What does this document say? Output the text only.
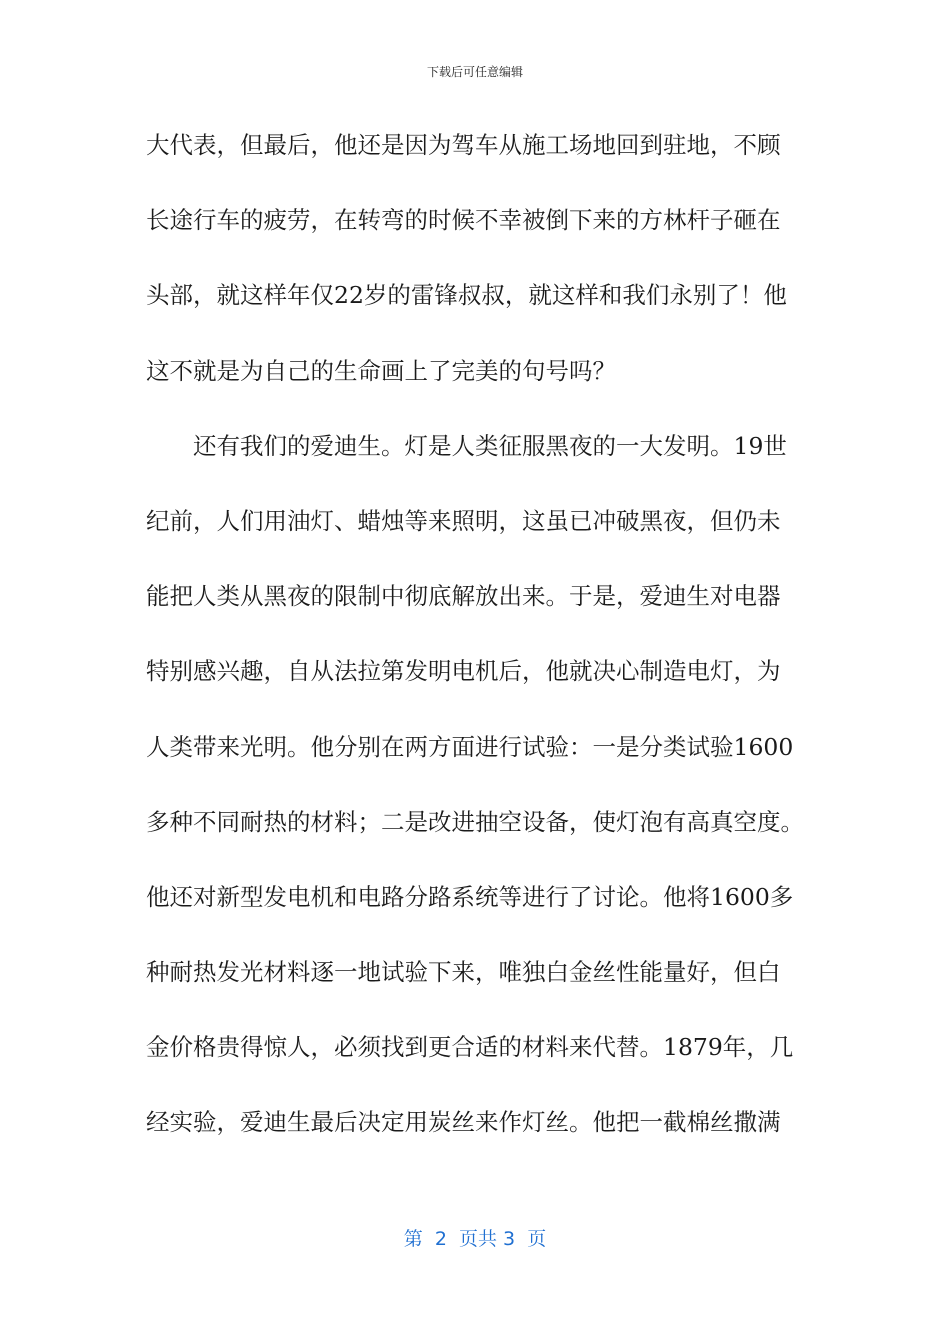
下载后可任意编辑
大代表，但最后，他还是因为驾车从施工场地回到驻地，不顾
长途行车的疲劳，在转弯的时候不幸被倒下来的方林杆子砸在
头部，就这样年仅22岁的雷锋叔叔，就这样和我们永别了！他
这不就是为自己的生命画上了完美的句号吗？
还有我们的爱迪生。灯是人类征服黑夜的一大发明。19世
纪前，人们用油灯、蜡烛等来照明，这虽已冲破黑夜，但仍未
能把人类从黑夜的限制中彻底解放出来。于是，爱迪生对电器
特别感兴趣，自从法拉第发明电机后，他就决心制造电灯，为
人类带来光明。他分别在两方面进行试验：一是分类试验1600
多种不同耐热的材料；二是改进抽空设备，使灯泡有高真空度。
他还对新型发电机和电路分路系统等进行了讨论。他将1600多
种耐热发光材料逐一地试验下来，唯独白金丝性能量好，但白
金价格贵得惊人，必须找到更合适的材料来代替。1879年，几
经实验，爱迪生最后决定用炭丝来作灯丝。他把一截棉丝撒满
第  2  页共 3  页
